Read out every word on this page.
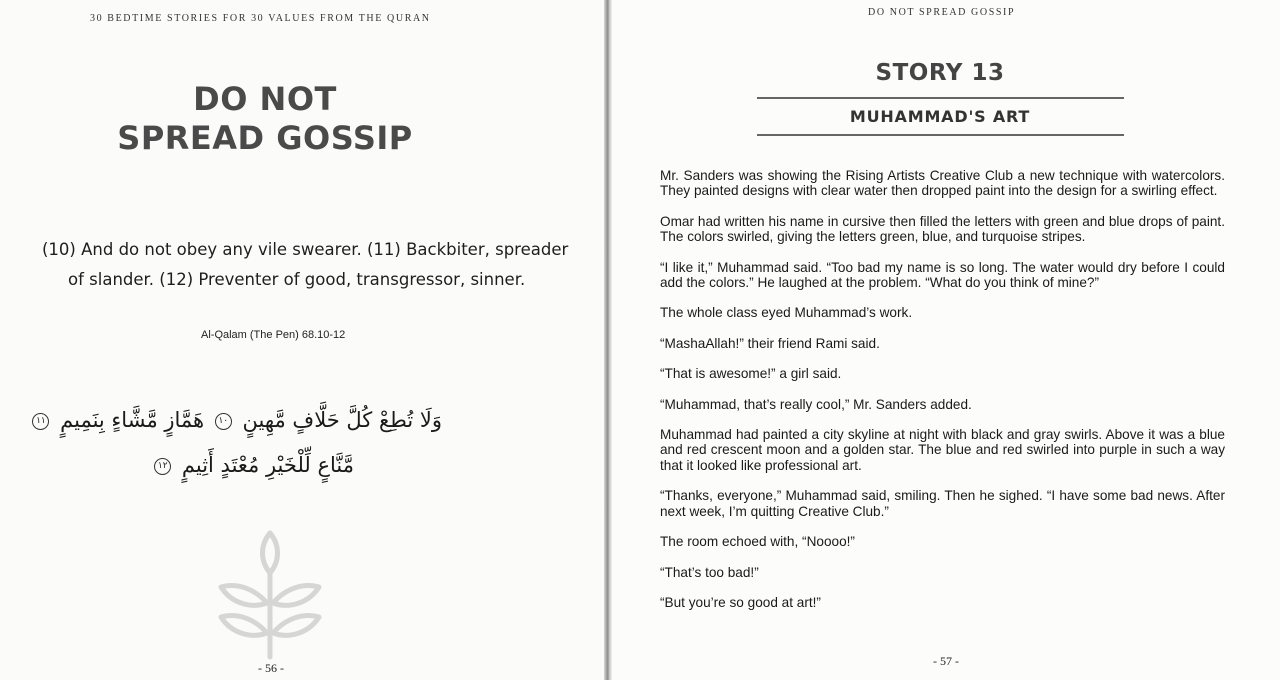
30 BEDTIME STORIES FOR 30 VALUES FROM THE QURAN
DO NOT
SPREAD GOSSIP
(10) And do not obey any vile swearer. (11) Backbiter, spreader
of slander. (12) Preventer of good, transgressor, sinner.
Al-Qalam (The Pen) 68.10-12
وَلَا تُطِعْ كُلَّ حَلَّافٍ مَّهِينٍ ١٠ هَمَّازٍ مَّشَّاءٍ بِنَمِيمٍ ١١
مَّنَّاعٍ لِّلْخَيْرِ مُعْتَدٍ أَثِيمٍ ١٢
- 56 -
DO NOT SPREAD GOSSIP
STORY 13
MUHAMMAD'S ART

Mr. Sanders was showing the Rising Artists Creative Club a new technique with watercolors. They painted designs with clear water then dropped paint into the design for a swirling effect.

Omar had written his name in cursive then filled the letters with green and blue drops of paint. The colors swirled, giving the letters green, blue, and turquoise stripes.

“I like it,” Muhammad said. “Too bad my name is so long. The water would dry before I could add the colors.” He laughed at the problem. “What do you think of mine?”

The whole class eyed Muhammad’s work.

“MashaAllah!” their friend Rami said.

“That is awesome!” a girl said.

“Muhammad, that’s really cool,” Mr. Sanders added.

Muhammad had painted a city skyline at night with black and gray swirls. Above it was a blue and red crescent moon and a golden star. The blue and red swirled into purple in such a way that it looked like professional art.

“Thanks, everyone,” Muhammad said, smiling. Then he sighed. “I have some bad news. After next week, I’m quitting Creative Club.”

The room echoed with, “Noooo!”

“That’s too bad!”

“But you’re so good at art!”

- 57 -
